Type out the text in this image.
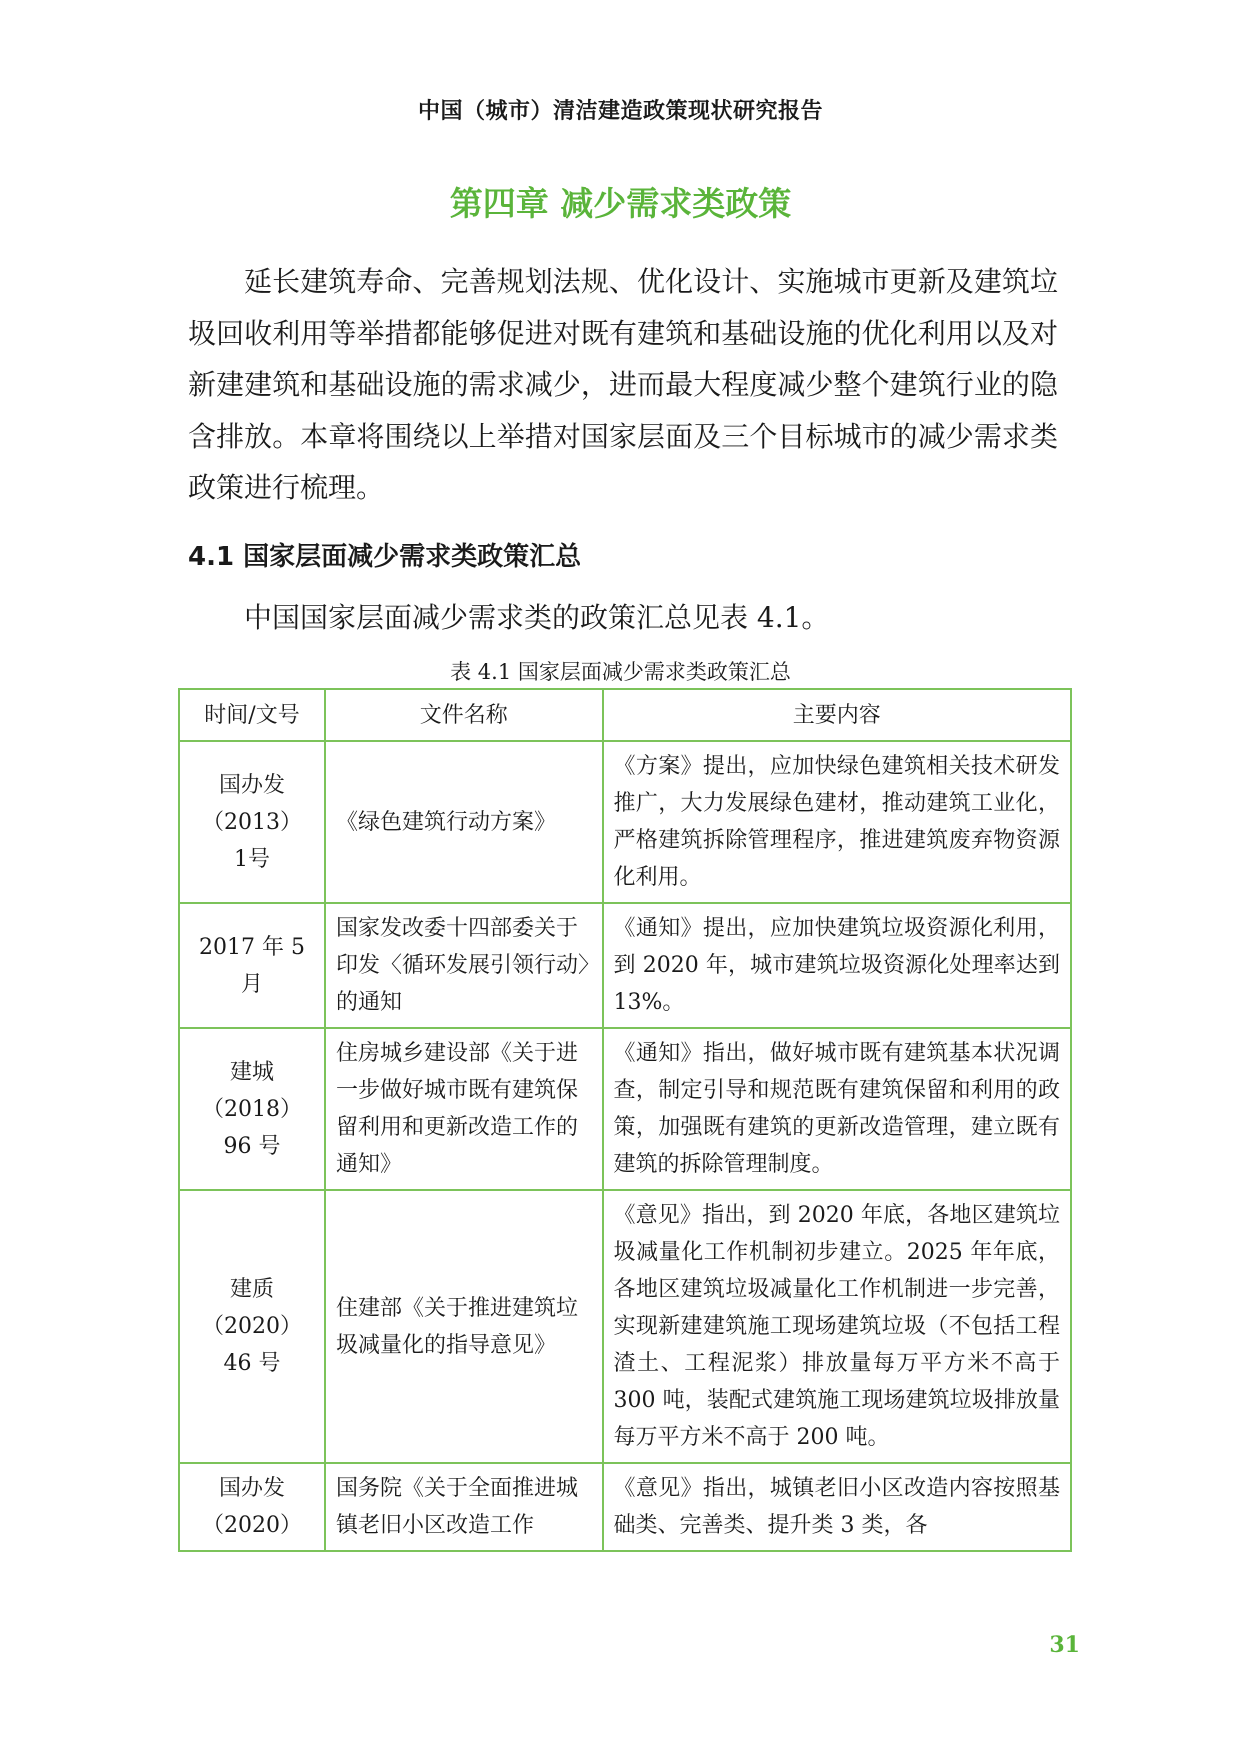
中国（城市）清洁建造政策现状研究报告
第四章 减少需求类政策

延长建筑寿命、完善规划法规、优化设计、实施城市更新及建筑垃圾回收利用等举措都能够促进对既有建筑和基础设施的优化利用以及对新建建筑和基础设施的需求减少，进而最大程度减少整个建筑行业的隐含排放。本章将围绕以上举措对国家层面及三个目标城市的减少需求类政策进行梳理。

4.1 国家层面减少需求类政策汇总

中国国家层面减少需求类的政策汇总见表 4.1。

表 4.1 国家层面减少需求类政策汇总
时间/文号	文件名称	主要内容
国办发（2013）1号	《绿色建筑行动方案》	《方案》提出，应加快绿色建筑相关技术研发推广，大力发展绿色建材，推动建筑工业化，严格建筑拆除管理程序，推进建筑废弃物资源化利用。
2017 年 5 月	国家发改委十四部委关于印发〈循环发展引领行动〉的通知	《通知》提出，应加快建筑垃圾资源化利用，到 2020 年，城市建筑垃圾资源化处理率达到 13%。
建城（2018）96 号	住房城乡建设部《关于进一步做好城市既有建筑保留利用和更新改造工作的通知》	《通知》指出，做好城市既有建筑基本状况调查，制定引导和规范既有建筑保留和利用的政策，加强既有建筑的更新改造管理，建立既有建筑的拆除管理制度。
建质（2020）46 号	住建部《关于推进建筑垃圾减量化的指导意见》	《意见》指出，到 2020 年底，各地区建筑垃圾减量化工作机制初步建立。2025 年年底，各地区建筑垃圾减量化工作机制进一步完善，实现新建建筑施工现场建筑垃圾（不包括工程渣土、工程泥浆）排放量每万平方米不高于 300 吨，装配式建筑施工现场建筑垃圾排放量每万平方米不高于 200 吨。
国办发（2020）	国务院《关于全面推进城镇老旧小区改造工作	《意见》指出，城镇老旧小区改造内容按照基础类、完善类、提升类 3 类，各
31
